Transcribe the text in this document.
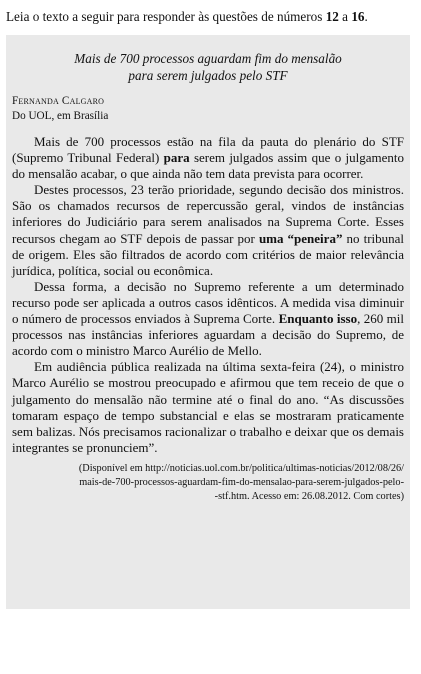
Leia o texto a seguir para responder às questões de números 12 a 16.

Mais de 700 processos aguardam fim do mensalão
para serem julgados pelo STF

Fernanda Calgaro
Do UOL, em Brasília

Mais de 700 processos estão na fila da pauta do plenário do STF (Supremo Tribunal Federal) para serem julgados assim que o julgamento do mensalão acabar, o que ainda não tem data prevista para ocorrer.

Destes processos, 23 terão prioridade, segundo decisão dos ministros. São os chamados recursos de repercussão geral, vindos de instâncias inferiores do Judiciário para serem analisados na Suprema Corte. Esses recursos chegam ao STF depois de passar por uma “peneira” no tribunal de origem. Eles são filtrados de acordo com critérios de maior relevância jurídica, política, social ou econômica.

Dessa forma, a decisão no Supremo referente a um determinado recurso pode ser aplicada a outros casos idênticos. A medida visa diminuir o número de processos enviados à Suprema Corte. Enquanto isso, 260 mil processos nas instâncias inferiores aguardam a decisão do Supremo, de acordo com o ministro Marco Aurélio de Mello.

Em audiência pública realizada na última sexta-feira (24), o ministro Marco Aurélio se mostrou preocupado e afirmou que tem receio de que o julgamento do mensalão não termine até o final do ano. “As discussões tomaram espaço de tempo substancial e elas se mostraram praticamente sem balizas. Nós precisamos racionalizar o trabalho e deixar que os demais integrantes se pronunciem”.

(Disponível em http://noticias.uol.com.br/politica/ultimas-noticias/2012/08/26/
mais-de-700-processos-aguardam-fim-do-mensalao-para-serem-julgados-pelo-
-stf.htm. Acesso em: 26.08.2012. Com cortes)
